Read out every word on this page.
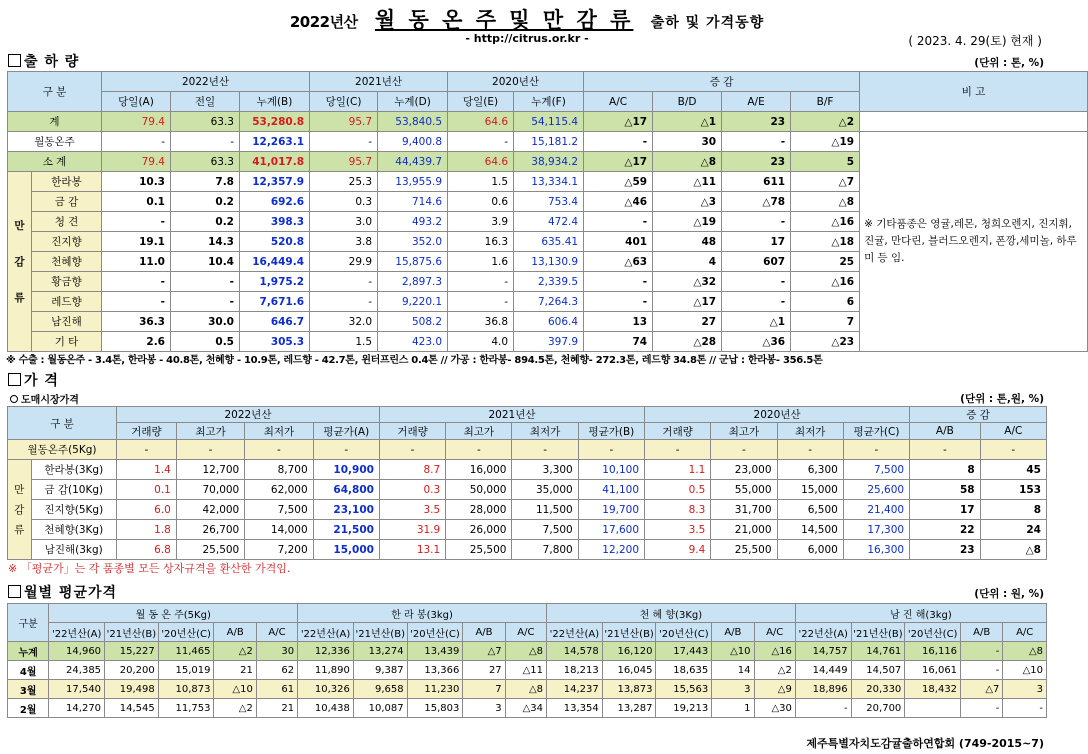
2022년산 월 동 온 주 및 만 감 류 출하 및 가격동향
- http://citrus.or.kr -	( 2023. 4. 29(토) 현재 )
출 하 량	(단위 : 톤, %)
구 분		2022년산			2021년산		2020년산		증 감				비 고
		당일(A)	전일	누계(B)	당일(C)	누계(D)	당일(E)	누계(F)	A/C	B/D	A/E	B/F	
계		79.4	63.3	53,280.8	95.7	53,840.5	64.6	54,115.4	△17	△1	23	△2	
월동온주		-	-	12,263.1	-	9,400.8	-	15,181.2	-	30	-	△19	※ 기타품종은 영귤,레몬, 청희오렌지, 진지휘, 진귤, 만다린, 블러드오렌지, 폰깡,세미놀, 하루미 등 임.
소 계		79.4	63.3	41,017.8	95.7	44,439.7	64.6	38,934.2	△17	△8	23	5	

만
감
류	한라봉	10.3	7.8	12,357.9	25.3	13,955.9	1.5	13,334.1	△59	△11	611	△7	
	금 감	0.1	0.2	692.6	0.3	714.6	0.6	753.4	△46	△3	△78	△8	
	청 견	-	0.2	398.3	3.0	493.2	3.9	472.4	-	△19	-	△16	
	진지향	19.1	14.3	520.8	3.8	352.0	16.3	635.41	401	48	17	△18	
	천혜향	11.0	10.4	16,449.4	29.9	15,875.6	1.6	13,130.9	△63	4	607	25	
	황금향	-	-	1,975.2	-	2,897.3	-	2,339.5	-	△32	-	△16	
	레드향	-	-	7,671.6	-	9,220.1	-	7,264.3	-	△17	-	6	
	남진해	36.3	30.0	646.7	32.0	508.2	36.8	606.4	13	27	△1	7	
	기 타	2.6	0.5	305.3	1.5	423.0	4.0	397.9	74	△28	△36	△23	
※ 수출 : 월동온주 - 3.4톤, 한라봉 - 40.8톤, 천혜향 - 10.9톤, 레드향 - 42.7톤, 윈터프린스 0.4톤 // 가공 : 한라봉- 894.5톤, 천혜향- 272.3톤, 레드향 34.8톤 // 군납 : 한라봉- 356.5톤
가 격
도매시장가격	(단위 : 톤,원, %)
구 분		2022년산				2021년산				2020년산				증 감	
		거래량	최고가	최저가	평균가(A)	거래량	최고가	최저가	평균가(B)	거래량	최고가	최저가	평균가(C)	A/B	A/C
월동온주(5Kg)		-	-	-	-	-	-	-	-	-	-	-	-	-	-

만
감
류	한라봉(3Kg)	1.4	12,700	8,700	10,900	8.7	16,000	3,300	10,100	1.1	23,000	6,300	7,500	8	45
	금 감(10Kg)	0.1	70,000	62,000	64,800	0.3	50,000	35,000	41,100	0.5	55,000	15,000	25,600	58	153
	진지향(5Kg)	6.0	42,000	7,500	23,100	3.5	28,000	11,500	19,700	8.3	31,700	6,500	21,400	17	8
	천혜향(3Kg)	1.8	26,700	14,000	21,500	31.9	26,000	7,500	17,600	3.5	21,000	14,500	17,300	22	24
	남진해(3kg)	6.8	25,500	7,200	15,000	13.1	25,500	7,800	12,200	9.4	25,500	6,000	16,300	23	△8
※ 「평균가」는 각 품종별 모든 상자규격을 환산한 가격임.
월별 평균가격	(단위 : 원, %)
구분	월 동 온 주(5Kg)					한 라 봉(3kg)					천 혜 향(3Kg)					남 진 해(3kg)				
	'22년산(A)	'21년산(B)	'20년산(C)	A/B	A/C	'22년산(A)	'21년산(B)	'20년산(C)	A/B	A/C	'22년산(A)	'21년산(B)	'20년산(C)	A/B	A/C	'22년산(A)	'21년산(B)	'20년산(C)	A/B	A/C
누계	14,960	15,227	11,465	△2	30	12,336	13,274	13,439	△7	△8	14,578	16,120	17,443	△10	△16	14,757	14,761	16,116	-	△8
4월	24,385	20,200	15,019	21	62	11,890	9,387	13,366	27	△11	18,213	16,045	18,635	14	△2	14,449	14,507	16,061	-	△10
3월	17,540	19,498	10,873	△10	61	10,326	9,658	11,230	7	△8	14,237	13,873	15,563	3	△9	18,896	20,330	18,432	△7	3
2월	14,270	14,545	11,753	△2	21	10,438	10,087	15,803	3	△34	13,354	13,287	19,213	1	△30	-	20,700		-	-
제주특별자치도감귤출하연합회 (749-2015~7)
